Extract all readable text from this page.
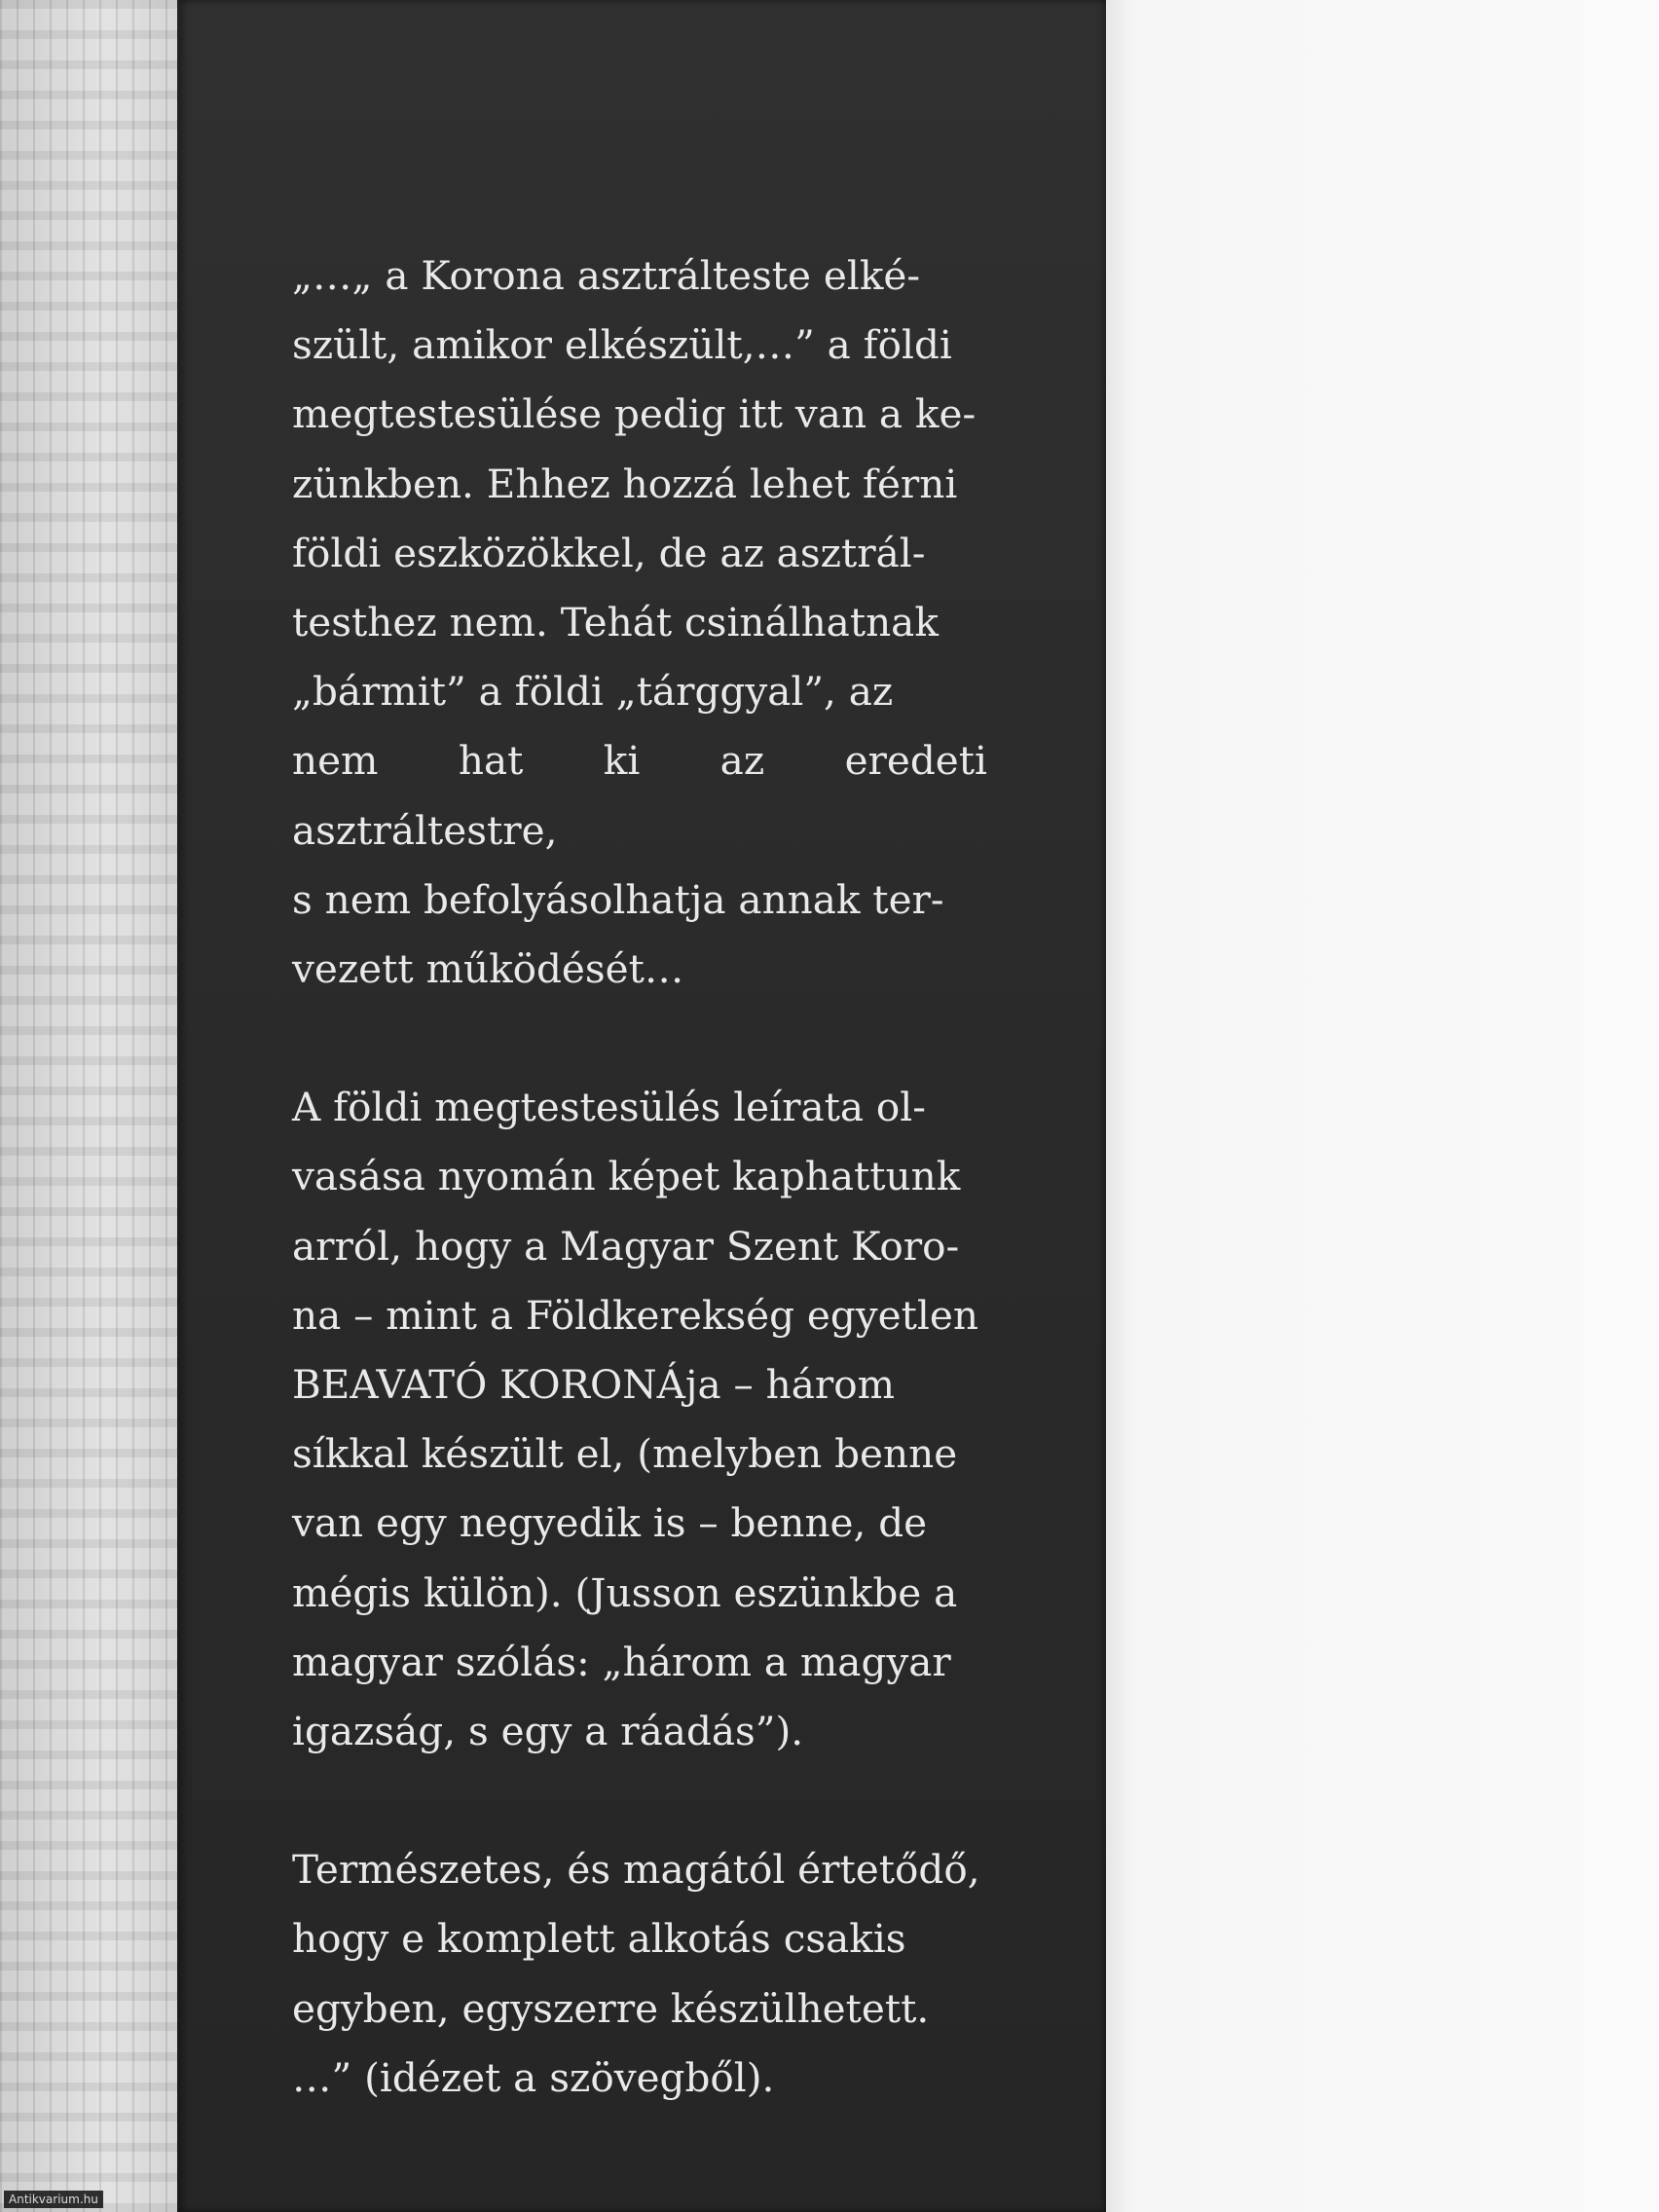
„…„ a Korona asztrálteste elké-
szült, amikor elkészült,…” a földi
megtestesülése pedig itt van a ke-
zünkben. Ehhez hozzá lehet férni
földi eszközökkel, de az asztrál-
testhez nem. Tehát csinálhatnak
„bármit” a földi „tárggyal”, az
nem hat ki az eredeti asztráltestre,
s nem befolyásolhatja annak ter-
vezett működését…

A földi megtestesülés leírata ol-
vasása nyomán képet kaphattunk
arról, hogy a Magyar Szent Koro-
na – mint a Földkerekség egyetlen
BEAVATÓ KORONÁja – három
síkkal készült el, (melyben benne
van egy negyedik is – benne, de
mégis külön). (Jusson eszünkbe a
magyar szólás: „három a magyar
igazság, s egy a ráadás”).

Természetes, és magától értetődő,
hogy e komplett alkotás csakis
egyben, egyszerre készülhetett.
…” (idézet a szövegből).

Antikvarium.hu
